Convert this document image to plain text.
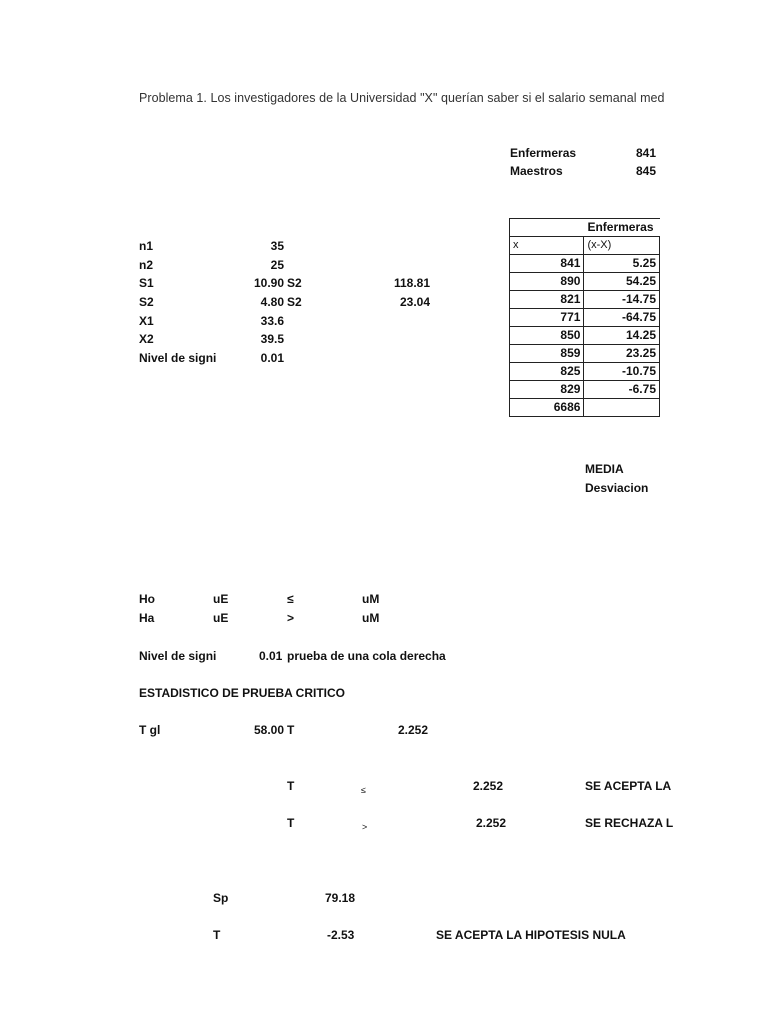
Problema 1. Los investigadores de la Universidad "X" querían saber si el salario semanal med
Enfermeras	841
Maestros	845
n1	35
n2	25
S1	10.90 S2	118.81
S2	4.80 S2	23.04
X1	33.6
X2	39.5
Nivel de signi	0.01
Enfermeras	
x	(x-X)
841	5.25
890	54.25
821	-14.75
771	-64.75
850	14.25
859	23.25
825	-10.75
829	-6.75
6686	
MEDIA
Desviacion
Ho	uE	≤	uM
Ha	uE	>	uM
Nivel de signi	0.01 prueba de una cola derecha
ESTADISTICO DE PRUEBA CRITICO
T gl	58.00 T	2.252
T	≤	2.252	SE ACEPTA LA
T	>	2.252	SE RECHAZA L
Sp	79.18
T	-2.53	SE ACEPTA LA HIPOTESIS NULA
